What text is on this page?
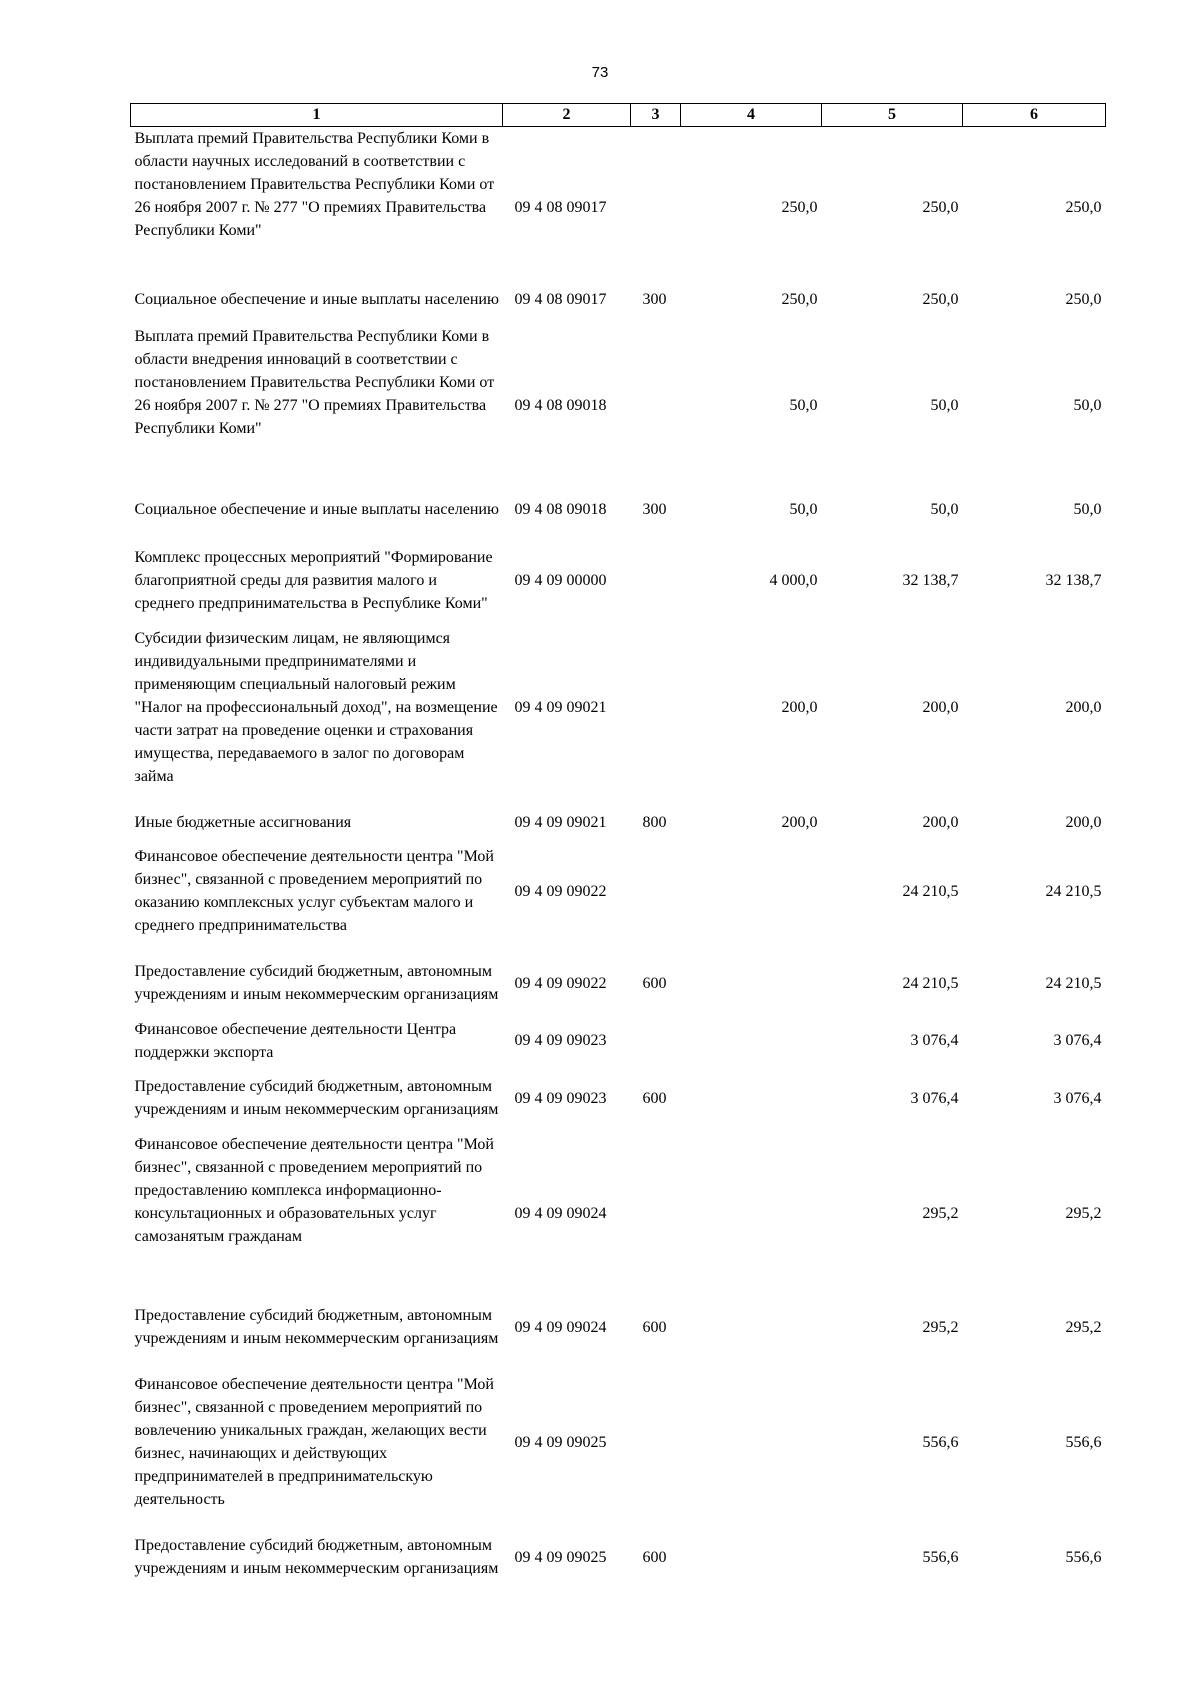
73
1	2	3	4	5	6
Выплата премий Правительства Республики Коми в области научных исследований в соответствии с постановлением Правительства Республики Коми от 26 ноября 2007 г. № 277 "О премиях Правительства Республики Коми"	09 4 08 09017		250,0	250,0	250,0
Социальное обеспечение и иные выплаты населению	09 4 08 09017	300	250,0	250,0	250,0
Выплата премий Правительства Республики Коми в области внедрения инноваций в соответствии с постановлением Правительства Республики Коми от 26 ноября 2007 г. № 277 "О премиях Правительства Республики Коми"	09 4 08 09018		50,0	50,0	50,0
Социальное обеспечение и иные выплаты населению	09 4 08 09018	300	50,0	50,0	50,0
Комплекс процессных мероприятий "Формирование благоприятной среды для развития малого и среднего предпринимательства в Республике Коми"	09 4 09 00000		4 000,0	32 138,7	32 138,7
Субсидии физическим лицам, не являющимся индивидуальными предпринимателями и применяющим специальный налоговый режим "Налог на профессиональный доход", на возмещение части затрат на проведение оценки и страхования имущества, передаваемого в залог по договорам займа	09 4 09 09021		200,0	200,0	200,0
Иные бюджетные ассигнования	09 4 09 09021	800	200,0	200,0	200,0
Финансовое обеспечение деятельности центра "Мой бизнес", связанной с проведением мероприятий по оказанию комплексных услуг субъектам малого и среднего предпринимательства	09 4 09 09022			24 210,5	24 210,5
Предоставление субсидий бюджетным, автономным учреждениям и иным некоммерческим организациям	09 4 09 09022	600		24 210,5	24 210,5
Финансовое обеспечение деятельности Центра поддержки экспорта	09 4 09 09023			3 076,4	3 076,4
Предоставление субсидий бюджетным, автономным учреждениям и иным некоммерческим организациям	09 4 09 09023	600		3 076,4	3 076,4
Финансовое обеспечение деятельности центра "Мой бизнес", связанной с проведением мероприятий по предоставлению комплекса информационно-консультационных и образовательных услуг самозанятым гражданам	09 4 09 09024			295,2	295,2
Предоставление субсидий бюджетным, автономным учреждениям и иным некоммерческим организациям	09 4 09 09024	600		295,2	295,2
Финансовое обеспечение деятельности центра "Мой бизнес", связанной с проведением мероприятий по вовлечению уникальных граждан, желающих вести бизнес, начинающих и действующих предпринимателей в предпринимательскую деятельность	09 4 09 09025			556,6	556,6
Предоставление субсидий бюджетным, автономным учреждениям и иным некоммерческим организациям	09 4 09 09025	600		556,6	556,6
